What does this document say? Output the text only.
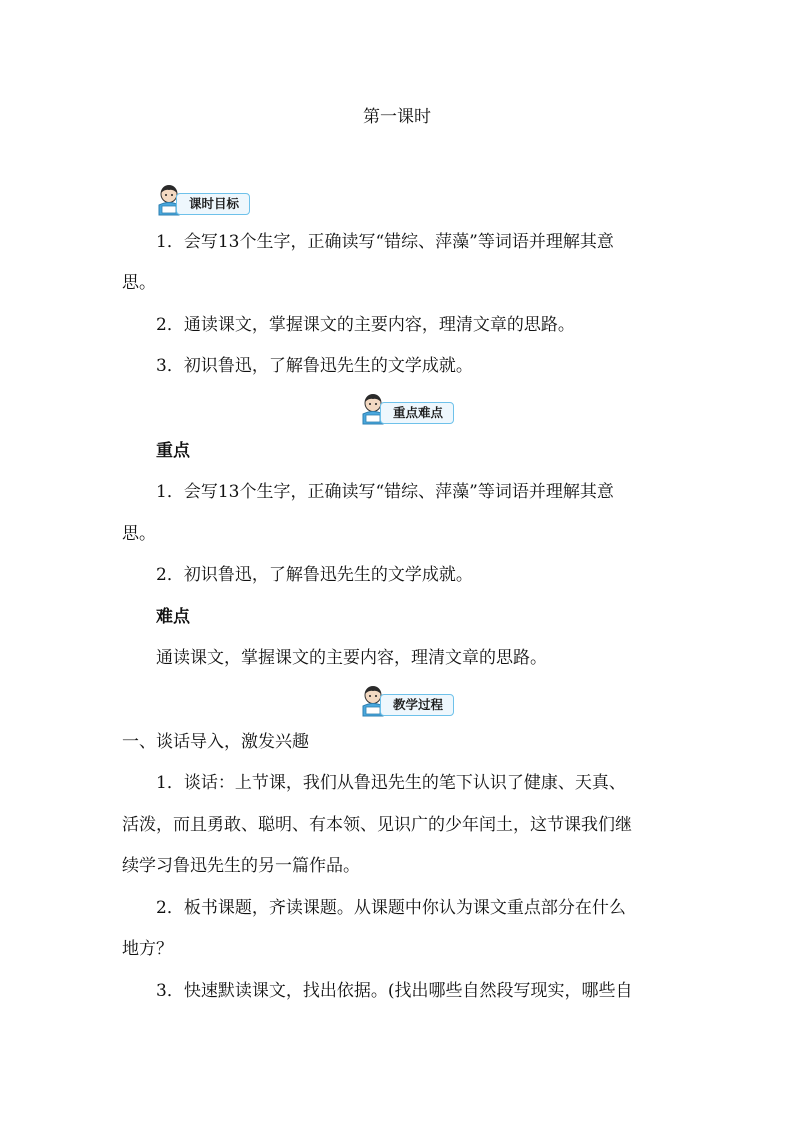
第一课时
课时目标
1．会写13个生字，正确读写“错综、萍藻”等词语并理解其意
思。
2．通读课文，掌握课文的主要内容，理清文章的思路。
3．初识鲁迅，了解鲁迅先生的文学成就。
重点难点
重点
1．会写13个生字，正确读写“错综、萍藻”等词语并理解其意
思。
2．初识鲁迅，了解鲁迅先生的文学成就。
难点
通读课文，掌握课文的主要内容，理清文章的思路。
教学过程
一、谈话导入，激发兴趣
1．谈话：上节课，我们从鲁迅先生的笔下认识了健康、天真、
活泼，而且勇敢、聪明、有本领、见识广的少年闰土，这节课我们继
续学习鲁迅先生的另一篇作品。
2．板书课题，齐读课题。从课题中你认为课文重点部分在什么
地方？
3．快速默读课文，找出依据。(找出哪些自然段写现实，哪些自
